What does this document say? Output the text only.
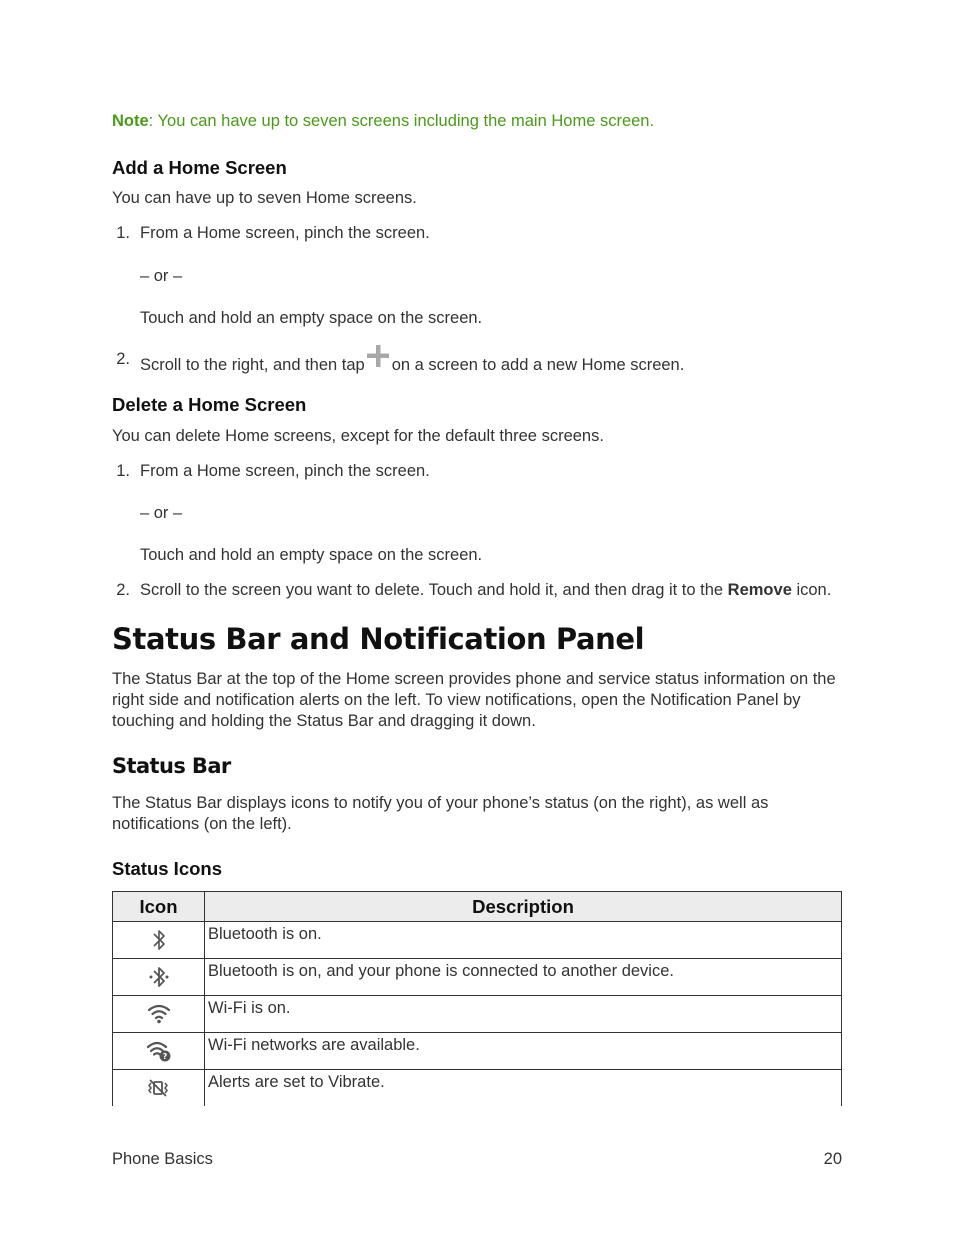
Note: You can have up to seven screens including the main Home screen.
Add a Home Screen
You can have up to seven Home screens.
1. From a Home screen, pinch the screen.
– or –
Touch and hold an empty space on the screen.
2. Scroll to the right, and then tap on a screen to add a new Home screen.
Delete a Home Screen
You can delete Home screens, except for the default three screens.
1. From a Home screen, pinch the screen.
– or –
Touch and hold an empty space on the screen.
2. Scroll to the screen you want to delete. Touch and hold it, and then drag it to the Remove icon.
Status Bar and Notification Panel
The Status Bar at the top of the Home screen provides phone and service status information on the right side and notification alerts on the left. To view notifications, open the Notification Panel by touching and holding the Status Bar and dragging it down.
Status Bar
The Status Bar displays icons to notify you of your phone’s status (on the right), as well as notifications (on the left).
Status Icons
Icon	Description
	Bluetooth is on.
	Bluetooth is on, and your phone is connected to another device.
	Wi-Fi is on.

?	Wi-Fi networks are available.
	Alerts are set to Vibrate.
Phone Basics	20
